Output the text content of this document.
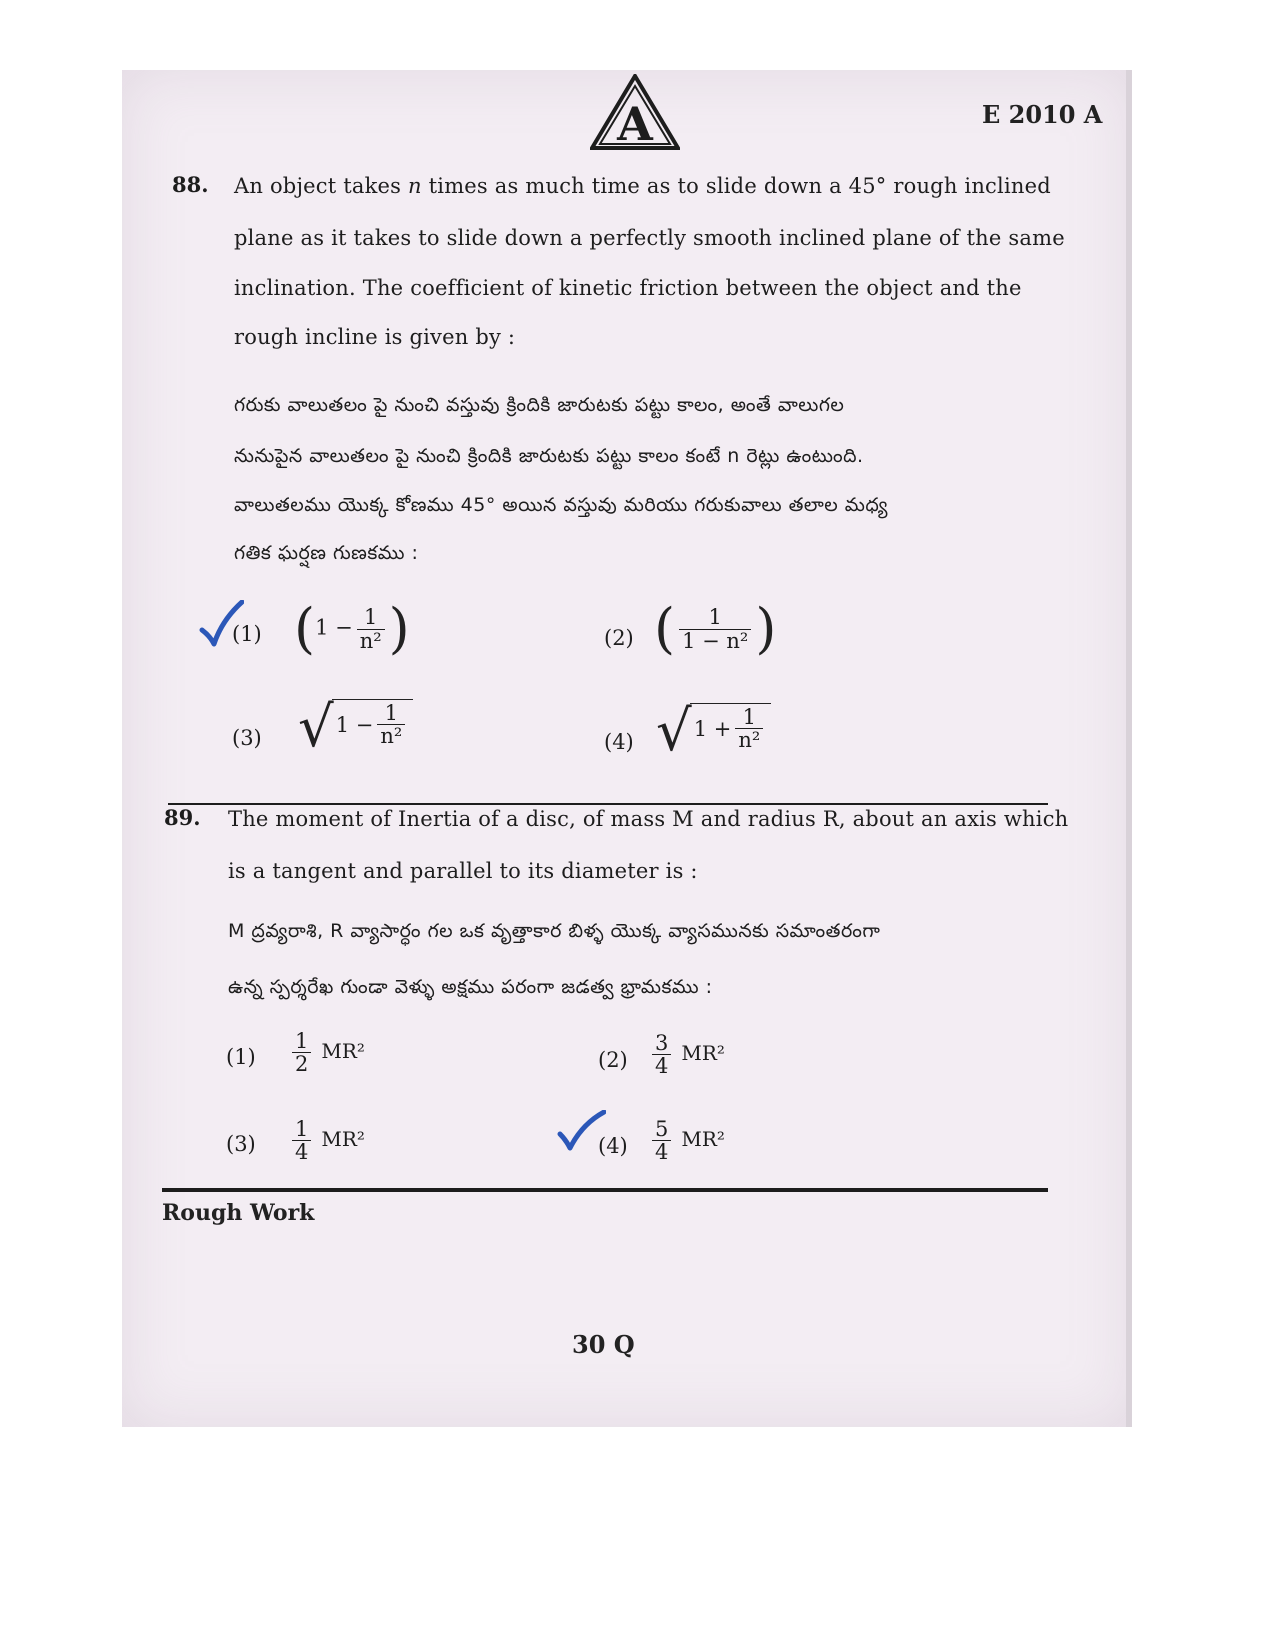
A	E 2010 A
88. An object takes n times as much time as to slide down a 45° rough inclined
plane as it takes to slide down a perfectly smooth inclined plane of the same
inclination. The coefficient of kinetic friction between the object and the
rough incline is given by :
గరుకు వాలుతలం పై నుంచి వస్తువు క్రిందికి జారుటకు పట్టు కాలం, అంతే వాలుగల
నునుపైన వాలుతలం పై నుంచి క్రిందికి జారుటకు పట్టు కాలం కంటే n రెట్లు ఉంటుంది.
వాలుతలము యొక్క కోణము 45° అయిన వస్తువు మరియు గరుకువాలు తలాల మధ్య
గతిక ఘర్షణ గుణకము :
(1) ($1 - \frac{1}{\text{n²}}$ )	(2) ( $\frac{1}{\text{1 − n²}}$ )
(3) √ $1 - \frac{1}{\text{n²}}$	(4) √ $1 + \frac{1}{\text{n²}}$
89. The moment of Inertia of a disc, of mass M and radius R, about an axis which
is a tangent and parallel to its diameter is :
M ద్రవ్యరాశి, R వ్యాసార్ధం గల ఒక వృత్తాకార బిళ్ళ యొక్క వ్యాసమునకు సమాంతరంగా
ఉన్న స్పర్శరేఖ గుండా వెళ్ళు అక్షము పరంగా జడత్వ భ్రామకము :
$(1) \frac{1}{2} MR^2$	$(2) \frac{3}{4} MR^2$
$(3) \frac{1}{4} MR^2$	$(4) \frac{5}{4} MR^2$
Rough Work
30 Q
